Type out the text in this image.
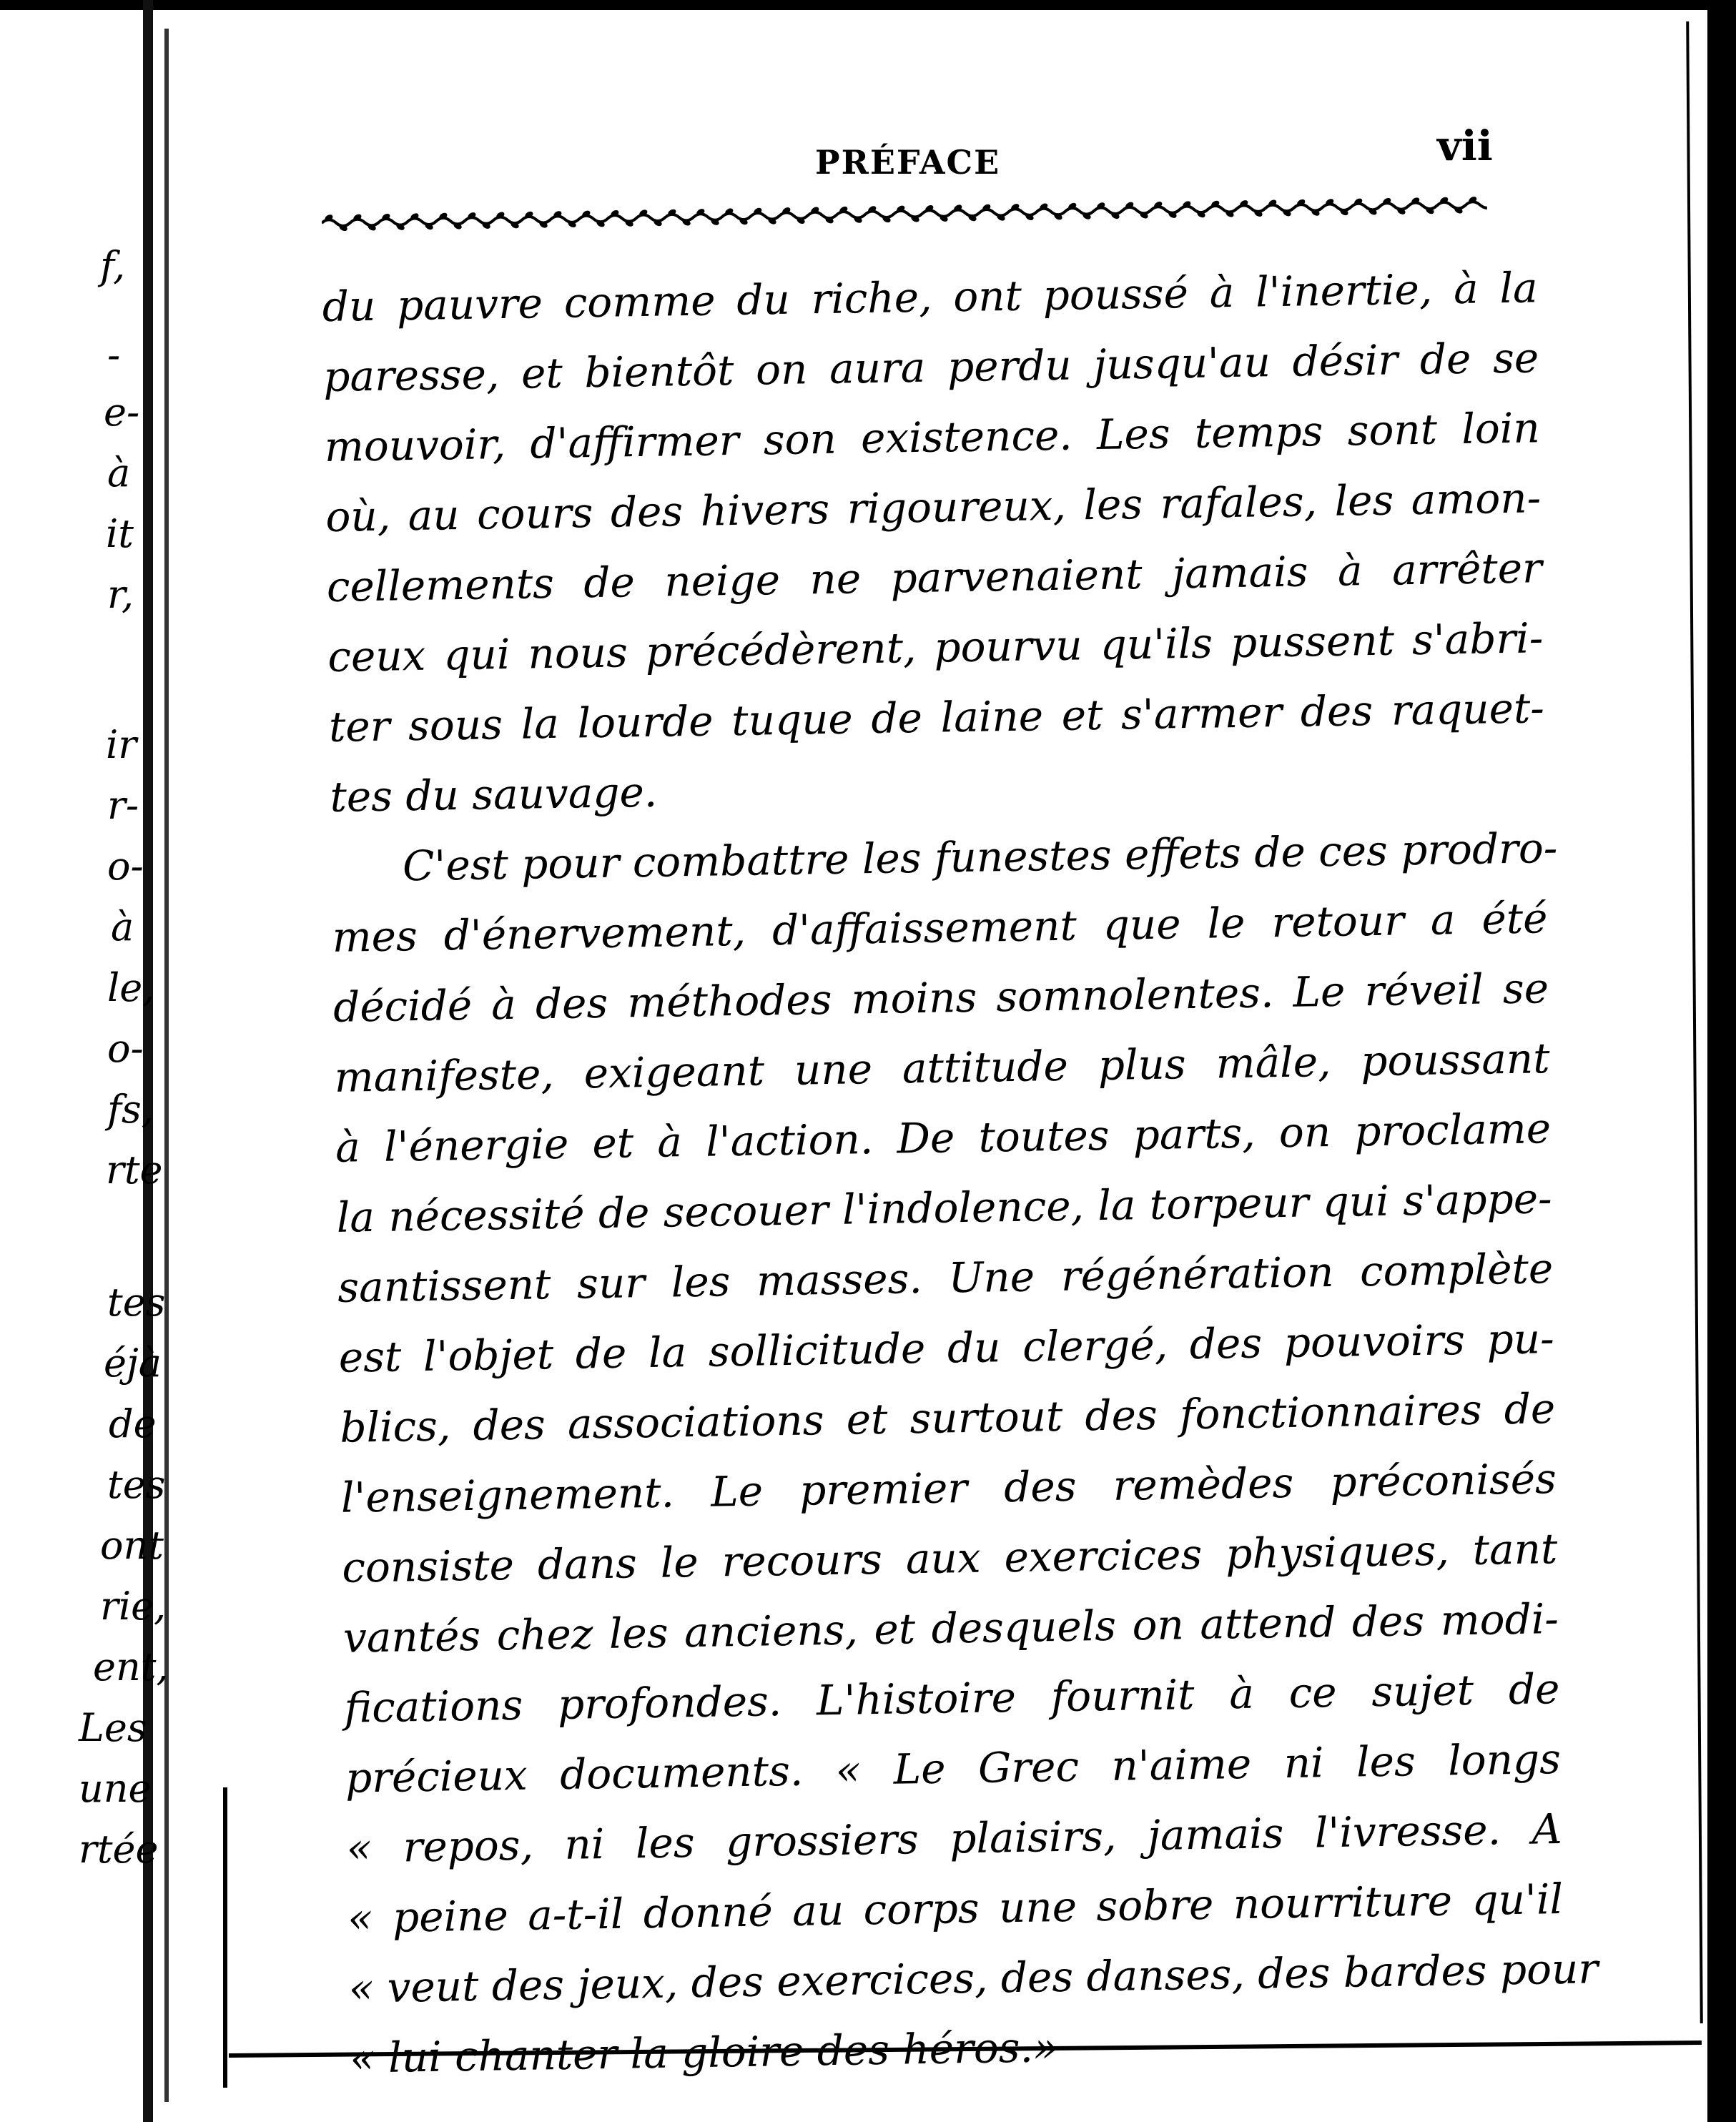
f,
-
e-
à
it
r,
ir
r-
o-
à
le,
o-
fs,
rte
tes
éjà
de
tes
ont
rie,
ent,
Les
une
rtée
PRÉFACE	vii
du pauvre comme du riche, ont poussé à l'inertie, à la
paresse, et bientôt on aura perdu jusqu'au désir de se
mouvoir, d'affirmer son existence. Les temps sont loin
où, au cours des hivers rigoureux, les rafales, les amon-
cellements de neige ne parvenaient jamais à arrêter
ceux qui nous précédèrent, pourvu qu'ils pussent s'abri-
ter sous la lourde tuque de laine et s'armer des raquet-
tes du sauvage.
C'est pour combattre les funestes effets de ces prodro-
mes d'énervement, d'affaissement que le retour a été
décidé à des méthodes moins somnolentes. Le réveil se
manifeste, exigeant une attitude plus mâle, poussant
à l'énergie et à l'action. De toutes parts, on proclame
la nécessité de secouer l'indolence, la torpeur qui s'appe-
santissent sur les masses. Une régénération complète
est l'objet de la sollicitude du clergé, des pouvoirs pu-
blics, des associations et surtout des fonctionnaires de
l'enseignement. Le premier des remèdes préconisés
consiste dans le recours aux exercices physiques, tant
vantés chez les anciens, et desquels on attend des modi-
fications profondes. L'histoire fournit à ce sujet de
précieux documents. « Le Grec n'aime ni les longs
« repos, ni les grossiers plaisirs, jamais l'ivresse. A
« peine a-t-il donné au corps une sobre nourriture qu'il
« veut des jeux, des exercices, des danses, des bardes pour
« lui chanter la gloire des héros.»
